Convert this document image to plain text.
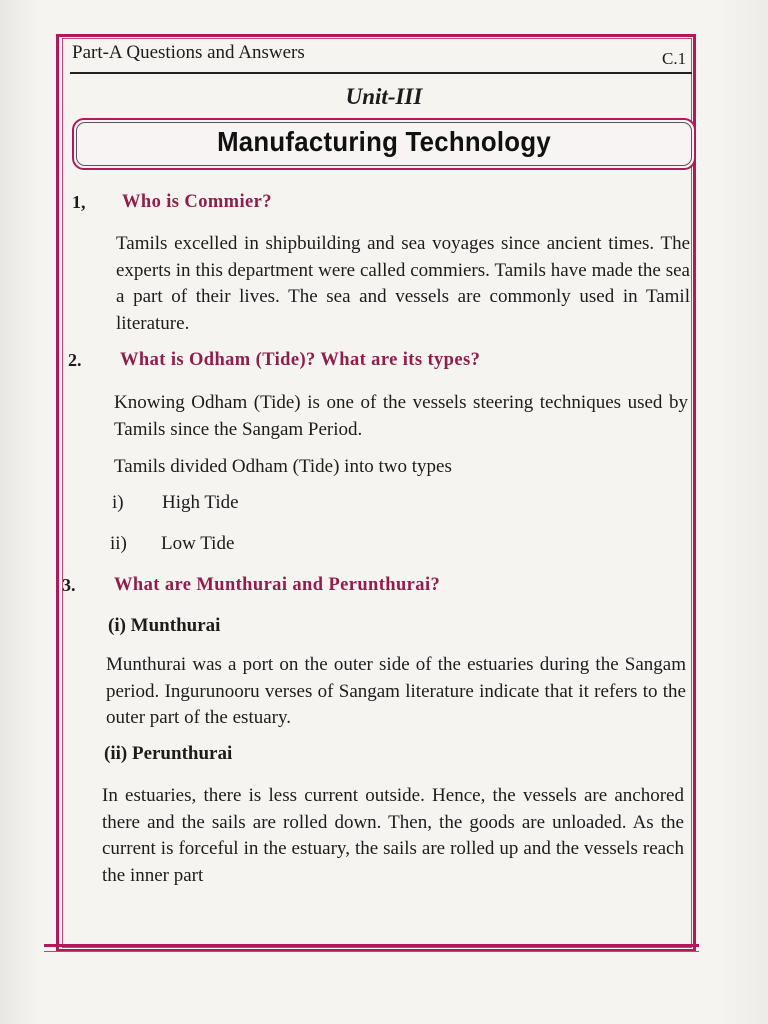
Part-A Questions and Answers	C.1
Unit-III
Manufacturing Technology
1, Who is Commier?
Tamils excelled in shipbuilding and sea voyages since ancient times. The experts in this department were called commiers. Tamils have made the sea a part of their lives. The sea and vessels are commonly used in Tamil literature.
2. What is Odham (Tide)? What are its types?
Knowing Odham (Tide) is one of the vessels steering techniques used by Tamils since the Sangam Period.
Tamils divided Odham (Tide) into two types
i) High Tide
ii) Low Tide
3. What are Munthurai and Perunthurai?
(i) Munthurai
Munthurai was a port on the outer side of the estuaries during the Sangam period. Ingurunooru verses of Sangam literature indicate that it refers to the outer part of the estuary.
(ii) Perunthurai
In estuaries, there is less current outside. Hence, the vessels are anchored there and the sails are rolled down. Then, the goods are unloaded. As the current is forceful in the estuary, the sails are rolled up and the vessels reach the inner part
